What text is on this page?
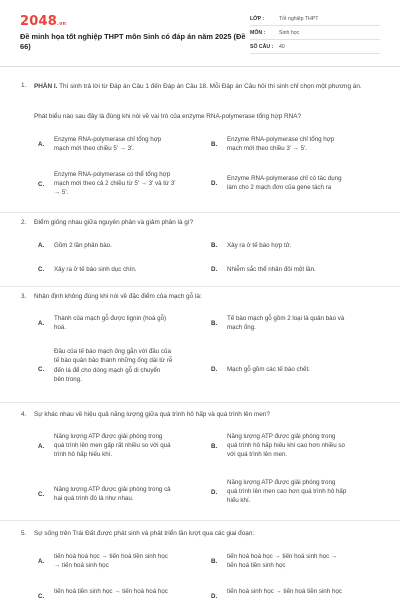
2048.vn
Đề minh họa tốt nghiệp THPT môn Sinh có đáp án năm 2025 (Đề 66)
LỚP :	Tốt nghiệp THPT
MÔN :	Sinh học
SỐ CÂU :	40
1. PHẦN I. Thí sinh trả lời từ Đáp án Câu 1 đến Đáp án Câu 18. Mỗi Đáp án Câu hỏi thí sinh chỉ chọn một phương án.
Phát biểu nào sau đây là đúng khi nói về vai trò của enzyme RNA-polymerase tổng hợp RNA?
A.
Enzyme RNA-polymerase chỉ tổng hợp
mạch mới theo chiều 5' → 3'.
B.
Enzyme RNA-polymerase chỉ tổng hợp
mạch mới theo chiều 3' → 5'.
C.
Enzyme RNA-polymerase có thể tổng hợp
mạch mới theo cả 2 chiều từ 5' → 3' và từ 3'
→ 5'.
D.
Enzyme RNA-polymerase chỉ có tác dụng
làm cho 2 mạch đơn của gene tách ra
2. Điểm giống nhau giữa nguyên phân và giảm phân là gì?
A. Gồm 2 lần phân bào.	B. Xảy ra ở tế bào hợp tử.
C. Xảy ra ở tế bào sinh dục chín.	D. Nhiễm sắc thể nhân đôi một lần.
3. Nhận định không đúng khi nói về đặc điểm của mạch gỗ là:
A.
Thành của mạch gỗ được lignin (hoá gỗ)
hoá.
B.
Tế bào mạch gỗ gồm 2 loại là quản bào và
mạch ống.
C.
Đầu của tế bào mạch ống gắn với đầu của
tế bào quản bào thành những ống dài từ rễ
đến lá để cho dòng mạch gỗ di chuyển
bên trong.
D. Mạch gỗ gồm các tế bào chết.
4. Sự khác nhau về hiệu quả năng lượng giữa quá trình hô hấp và quá trình lên men?
A.
Năng lượng ATP được giải phóng trong
quá trình lên men gấp rất nhiều so với quá
trình hô hấp hiếu khí.
B.
Năng lượng ATP được giải phóng trong
quá trình hô hấp hiếu khí cao hơn nhiều so
với quá trình lên men.
C.
Năng lượng ATP được giải phóng trong cả
hai quá trình đó là như nhau.
D.
Năng lượng ATP được giải phóng trong
quá trình lên men cao hơn quá trình hô hấp
hiếu khí.
5. Sự sống trên Trái Đất được phát sinh và phát triển lần lượt qua các giai đoạn:
A.
tiến hoá hoá học → tiến hoá tiền sinh học
→ tiến hoá sinh học
B.
tiến hoá hoá học → tiến hoá sinh học →
tiến hoá tiền sinh học
C.
tiến hoá tiền sinh học → tiến hoá hoá học
D.
tiến hoá sinh học → tiến hoá tiền sinh học
